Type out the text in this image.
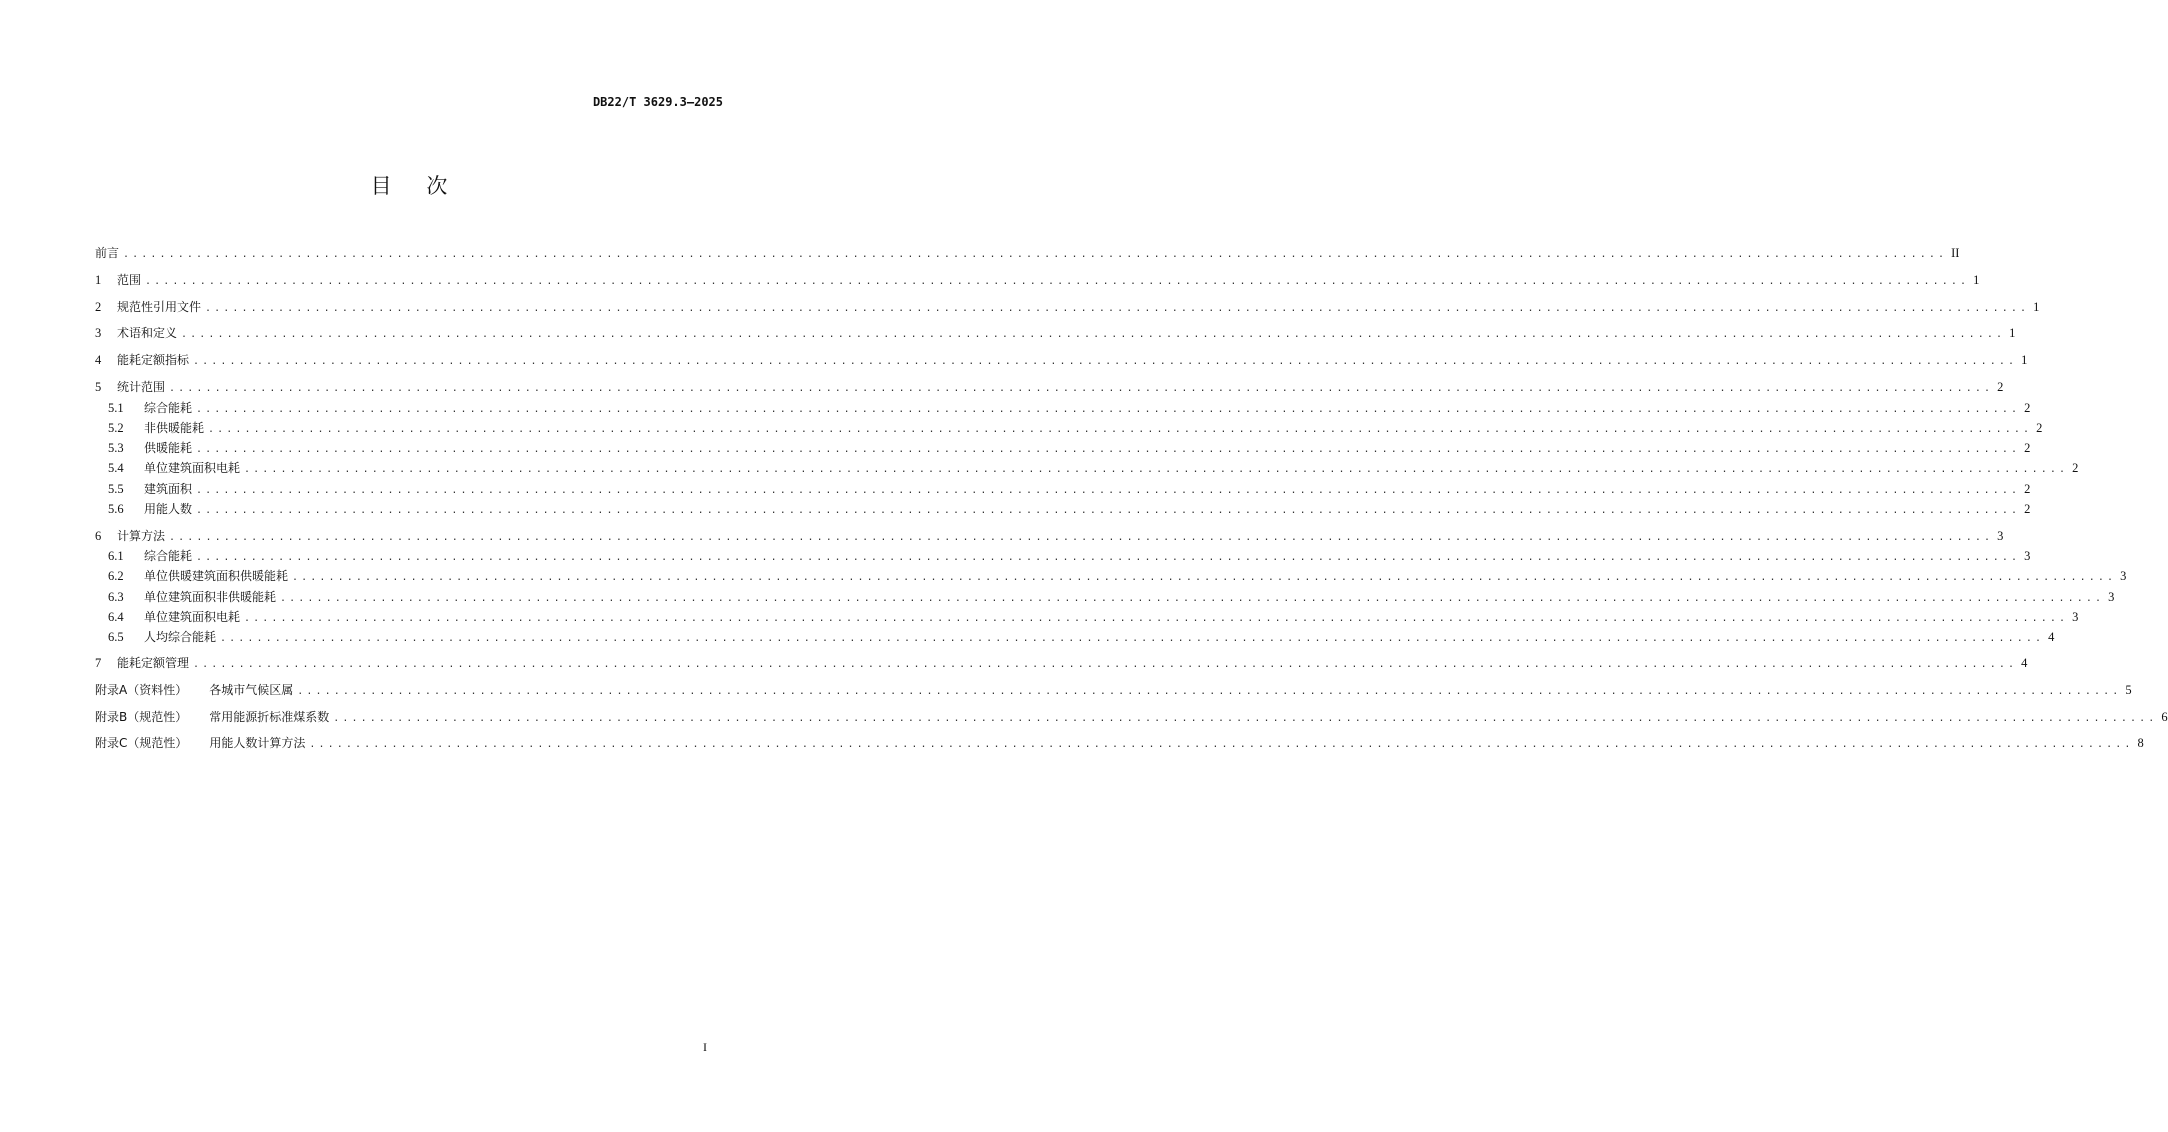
DB22/T 3629.3—2025
目 次
前言 ........................................................................................................................................................................................................ II
1	范围 ........................................................................................................................................................................................................ 1
2	规范性引用文件 ........................................................................................................................................................................................................ 1
3	术语和定义 ........................................................................................................................................................................................................ 1
4	能耗定额指标 ........................................................................................................................................................................................................ 1
5	统计范围 ........................................................................................................................................................................................................ 2
5.1	综合能耗 ........................................................................................................................................................................................................ 2
5.2	非供暖能耗 ........................................................................................................................................................................................................ 2
5.3	供暖能耗 ........................................................................................................................................................................................................ 2
5.4	单位建筑面积电耗 ........................................................................................................................................................................................................ 2
5.5	建筑面积 ........................................................................................................................................................................................................ 2
5.6	用能人数 ........................................................................................................................................................................................................ 2
6	计算方法 ........................................................................................................................................................................................................ 3
6.1	综合能耗 ........................................................................................................................................................................................................ 3
6.2	单位供暖建筑面积供暖能耗 ........................................................................................................................................................................................................ 3
6.3	单位建筑面积非供暖能耗 ........................................................................................................................................................................................................ 3
6.4	单位建筑面积电耗 ........................................................................................................................................................................................................ 3
6.5	人均综合能耗 ........................................................................................................................................................................................................ 4
7	能耗定额管理 ........................................................................................................................................................................................................ 4
附录A（资料性） 各城市气候区属 ........................................................................................................................................................................................................ 5
附录B（规范性） 常用能源折标准煤系数 ........................................................................................................................................................................................................ 6
附录C（规范性） 用能人数计算方法 ........................................................................................................................................................................................................ 8
I
